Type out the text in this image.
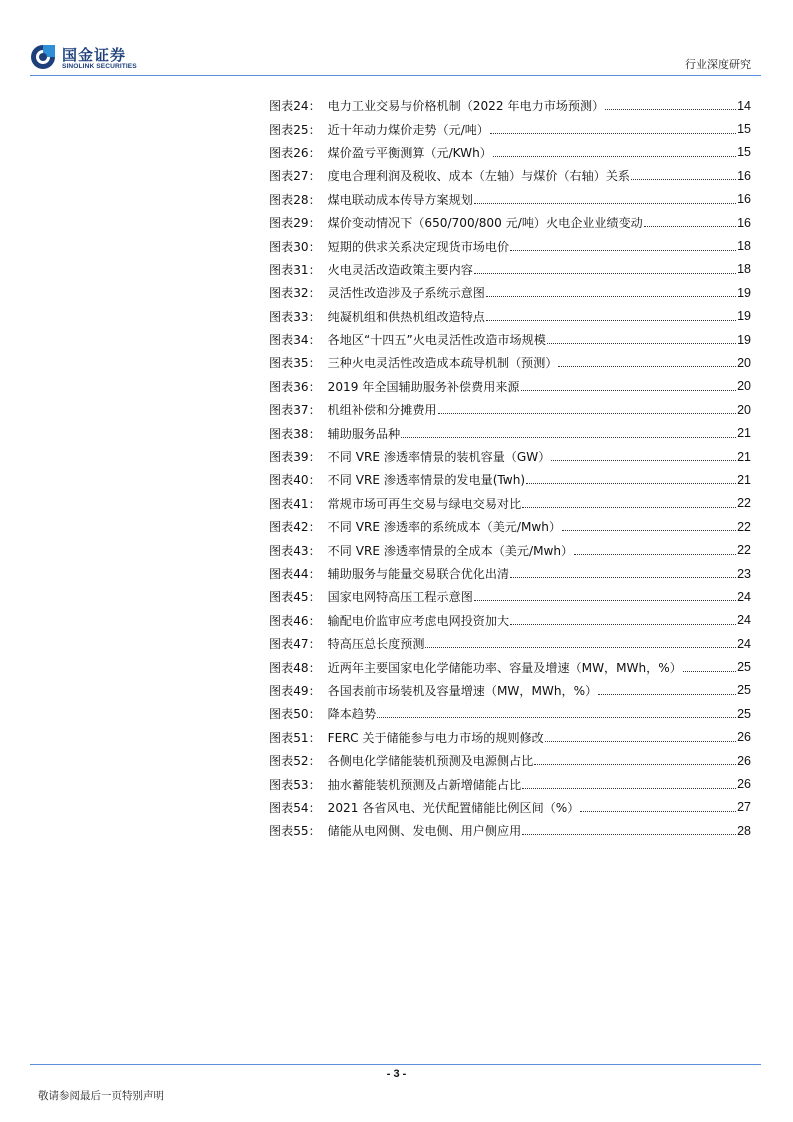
国金证券
SINOLINK SECURITIES	行业深度研究
图表24： 电力工业交易与价格机制（2022 年电力市场预测）	14
图表25： 近十年动力煤价走势（元/吨）	15
图表26： 煤价盈亏平衡测算（元/KWh）	15
图表27： 度电合理利润及税收、成本（左轴）与煤价（右轴）关系	16
图表28： 煤电联动成本传导方案规划	16
图表29： 煤价变动情况下（650/700/800 元/吨）火电企业业绩变动	16
图表30： 短期的供求关系决定现货市场电价	18
图表31： 火电灵活改造政策主要内容	18
图表32： 灵活性改造涉及子系统示意图	19
图表33： 纯凝机组和供热机组改造特点	19
图表34： 各地区“十四五”火电灵活性改造市场规模	19
图表35： 三种火电灵活性改造成本疏导机制（预测）	20
图表36： 2019 年全国辅助服务补偿费用来源	20
图表37： 机组补偿和分摊费用	20
图表38： 辅助服务品种	21
图表39： 不同 VRE 渗透率情景的装机容量（GW）	21
图表40： 不同 VRE 渗透率情景的发电量(Twh)	21
图表41： 常规市场可再生交易与绿电交易对比	22
图表42： 不同 VRE 渗透率的系统成本（美元/Mwh）	22
图表43： 不同 VRE 渗透率情景的全成本（美元/Mwh）	22
图表44： 辅助服务与能量交易联合优化出清	23
图表45： 国家电网特高压工程示意图	24
图表46： 输配电价监审应考虑电网投资加大	24
图表47： 特高压总长度预测	24
图表48： 近两年主要国家电化学储能功率、容量及增速（MW，MWh，%）	25
图表49： 各国表前市场装机及容量增速（MW，MWh，%）	25
图表50： 降本趋势	25
图表51： FERC 关于储能参与电力市场的规则修改	26
图表52： 各侧电化学储能装机预测及电源侧占比	26
图表53： 抽水蓄能装机预测及占新增储能占比	26
图表54： 2021 各省风电、光伏配置储能比例区间（%）	27
图表55： 储能从电网侧、发电侧、用户侧应用	28
- 3 -
敬请参阅最后一页特别声明
